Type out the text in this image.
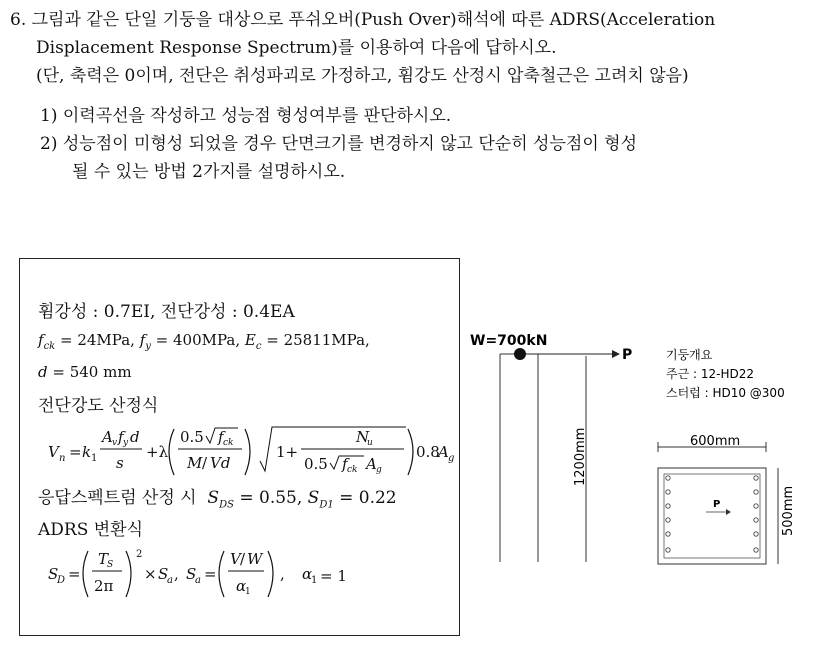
6. 그림과 같은 단일 기둥을 대상으로 푸쉬오버(Push Over)해석에 따른 ADRS(Acceleration
Displacement Response Spectrum)를 이용하여 다음에 답하시오.
(단, 축력은 0이며, 전단은 취성파괴로 가정하고, 휨강도 산정시 압축철근은 고려치 않음)
1) 이력곡선을 작성하고 성능점 형성여부를 판단하시오.
2) 성능점이 미형성 되었을 경우 단면크기를 변경하지 않고 단순히 성능점이 형성
될 수 있는 방법 2가지를 설명하시오.
휨강성 : 0.7EI, 전단강성 : 0.4EA
$f_{ck} = 24MPa$, $f_y = 400MPa$, $E_c = 25811MPa$,
d = 540 mm
전단강도 산정식
V n = k 1
A v f y d
s
+λ
0.5 f ck
M / Vd
1+
N
u
0.5 f ck A g
0.8
A g
응답스펙트럼 산정 시 $S_{DS} = 0.55$, $S_{D1} = 0.22$
ADRS 변환식
S
D =
T
S
2π
2
× S
a , S
a =
V / W
α
1
, α
1 = 1
W=700kN
P
1200mm
기둥개요
주근 : 12-HD22
스터럽 : HD10 @300
600mm
P	500mm
